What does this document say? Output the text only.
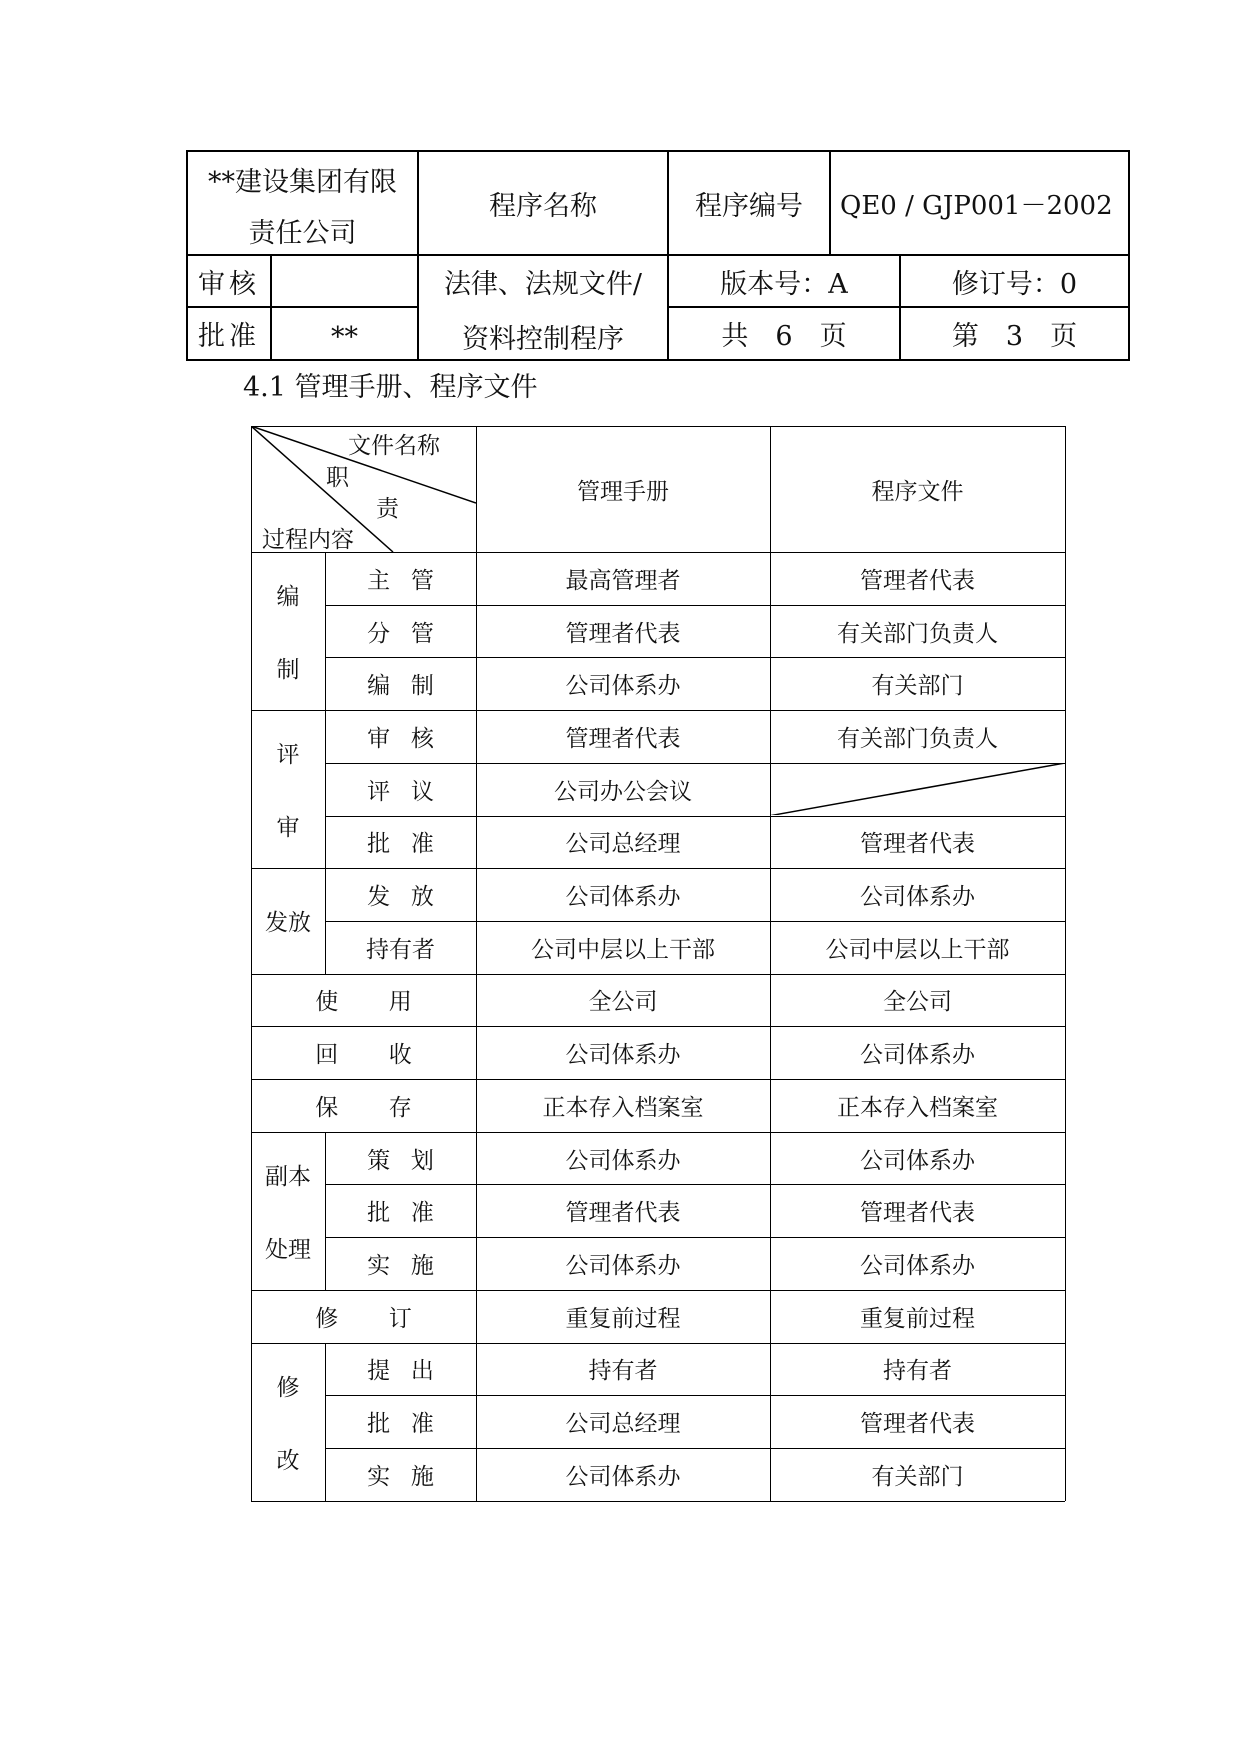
**建设集团有限
责任公司
程序名称	程序编号	QE0 / GJP001－2002
审核
批准	**
法律、法规文件/
资料控制程序
版本号：A	修订号：0
共　6　页	第　3　页
4.1 管理手册、程序文件
文件名称
职
责
过程内容
管理手册	程序文件
编
制
主管	最高管理者	管理者代表
分管	管理者代表	有关部门负责人
编制	公司体系办	有关部门
评
审
审核	管理者代表	有关部门负责人
评议	公司办公会议
批准	公司总经理	管理者代表
发放
发放	公司体系办	公司体系办
持有者	公司中层以上干部	公司中层以上干部
使用	全公司	全公司
回收	公司体系办	公司体系办
保存	正本存入档案室	正本存入档案室
副本
处理
策划	公司体系办	公司体系办
批准	管理者代表	管理者代表
实施	公司体系办	公司体系办
修订	重复前过程	重复前过程
修
改
提出	持有者	持有者
批准	公司总经理	管理者代表
实施	公司体系办	有关部门
